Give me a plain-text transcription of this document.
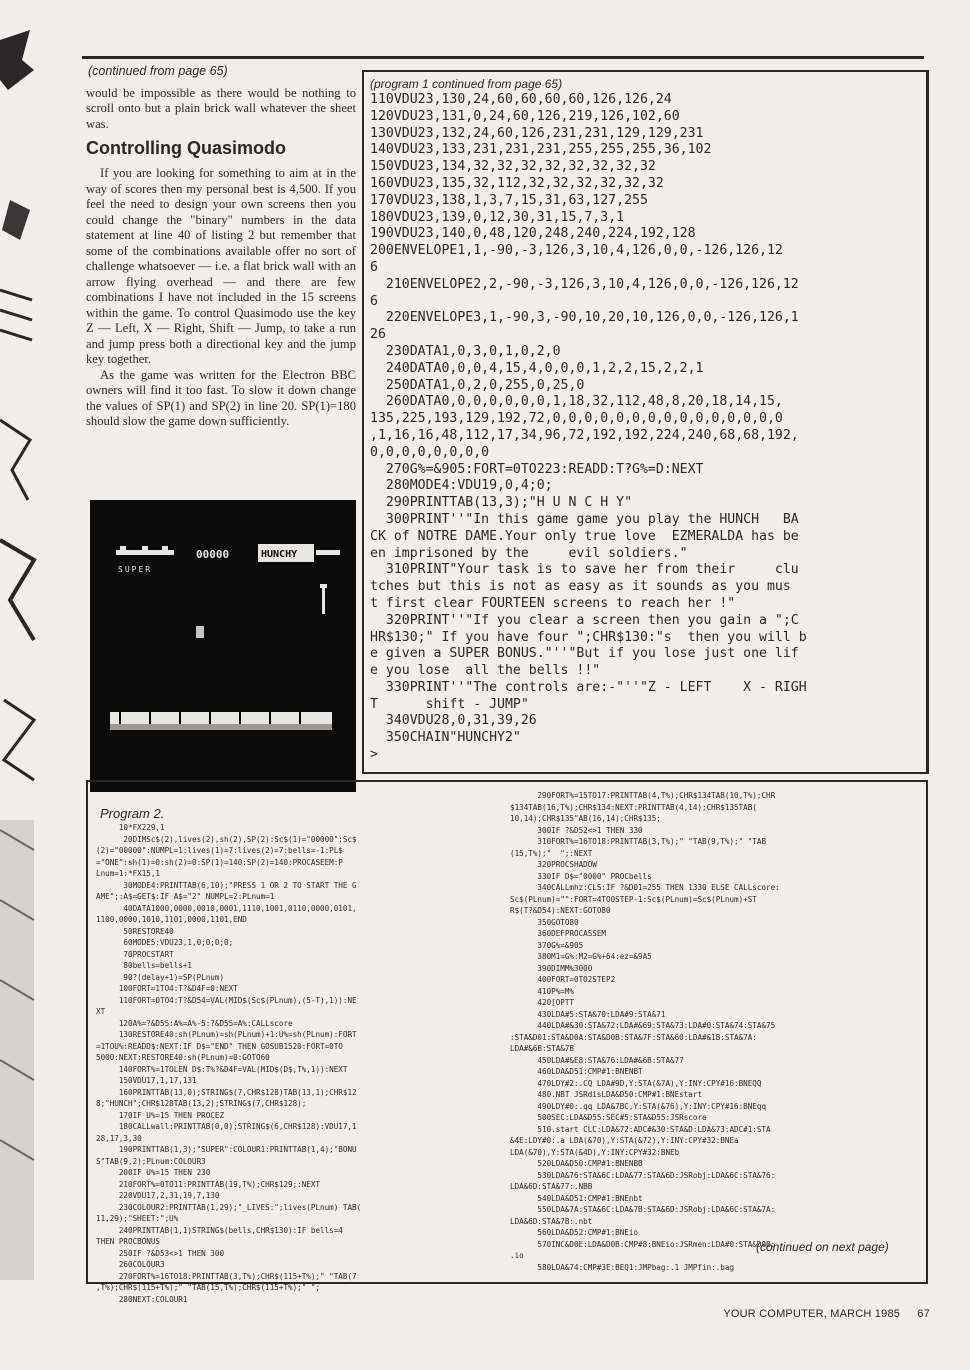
(continued from page 65)

would be impossible as there would be nothing to scroll onto but a plain brick wall whatever the sheet was.

Controlling Quasimodo

If you are looking for something to aim at in the way of scores then my personal best is 4,500. If you feel the need to design your own screens then you could change the "binary" numbers in the data statement at line 40 of listing 2 but remember that some of the combinations available offer no sort of challenge whatsoever — i.e. a flat brick wall with an arrow flying overhead — and there are few combinations I have not included in the 15 screens within the game. To control Quasimodo use the key Z — Left, X — Right, Shift — Jump, to take a run and jump press both a directional key and the jump key together.

As the game was written for the Electron BBC owners will find it too fast. To slow it down change the values of SP(1) and SP(2) in line 20. SP(1)=180 should slow the game down sufficiently.

00000	HUNCHY
SUPER
(program 1 continued from page 65)
110VDU23,130,24,60,60,60,60,126,126,24
120VDU23,131,0,24,60,126,219,126,102,60
130VDU23,132,24,60,126,231,231,129,129,231
140VDU23,133,231,231,231,255,255,255,36,102
150VDU23,134,32,32,32,32,32,32,32,32
160VDU23,135,32,112,32,32,32,32,32,32
170VDU23,138,1,3,7,15,31,63,127,255
180VDU23,139,0,12,30,31,15,7,3,1
190VDU23,140,0,48,120,248,240,224,192,128
200ENVELOPE1,1,-90,-3,126,3,10,4,126,0,0,-126,126,12
6
210ENVELOPE2,2,-90,-3,126,3,10,4,126,0,0,-126,126,12
6
220ENVELOPE3,1,-90,3,-90,10,20,10,126,0,0,-126,126,1
26
230DATA1,0,3,0,1,0,2,0
240DATA0,0,0,4,15,4,0,0,0,1,2,2,15,2,2,1
250DATA1,0,2,0,255,0,25,0
260DATA0,0,0,0,0,0,0,1,18,32,112,48,8,20,18,14,15,
135,225,193,129,192,72,0,0,0,0,0,0,0,0,0,0,0,0,0,0,0
,1,16,16,48,112,17,34,96,72,192,192,224,240,68,68,192,
0,0,0,0,0,0,0,0
270G%=&905:FORT=0TO223:READD:T?G%=D:NEXT
280MODE4:VDU19,0,4;0;
290PRINTTAB(13,3);"H U N C H Y"
300PRINT''"In this game game you play the HUNCH   BA
CK of NOTRE DAME.Your only true love  EZMERALDA has be
en imprisoned by the     evil soldiers."
310PRINT"Your task is to save her from their     clu
tches but this is not as easy as it sounds as you mus
t first clear FOURTEEN screens to reach her !"
320PRINT''"If you clear a screen then you gain a ";C
HR$130;" If you have four ";CHR$130:"s  then you will b
e given a SUPER BONUS."''"But if you lose just one lif
e you lose  all the bells !!"
330PRINT''"The controls are:-"''"Z - LEFT    X - RIGH
T      shift - JUMP"
340VDU28,0,31,39,26
350CHAIN"HUNCHY2"
>
Program 2.
10*FX229,1
20DIMSc$(2),lives(2),sh(2),SP(2):Sc$(1)="00000":Sc$
(2)="00000":NUMPL=1:lives(1)=7:lives(2)=7:bells=-1:PL$
="ONE":sh(1)=0:sh(2)=0:SP(1)=140:SP(2)=140:PROCASEEM:P
Lnum=1:*FX15,1
30MODE4:PRINTTAB(6,10);"PRESS 1 OR 2 TO START THE G
AME";:A$=GET$:IF A$="2" NUMPL=2:PLnum=1
40DATA1000,0000,0010,0001,1110,1001,0110,0000,0101,
1100,0000,1010,1101,0000,1101,END
50RESTORE40
60MODE5:VDU23,1,0;0;0;0;
70PROCSTART
80bells=bells+1
90?(delay+1)=SP(PLnum)
100FORT=1TO4:T?&D4F=0:NEXT
110FORT=0TO4:T?&D54=VAL(MID$(Sc$(PLnum),(5-T),1)):NE
XT
120A%=?&D55:A%=A%-5:?&D55=A%:CALLscore
130RESTORE40:sh(PLnum)=sh(PLnum)+1:U%=sh(PLnum):FORT
=1TOU%:READD$:NEXT:IF D$="END" THEN GOSUB1520:FORT=0TO
5000:NEXT:RESTORE40:sh(PLnum)=0:GOTO60
140FORT%=1TOLEN D$:T%?&D4F=VAL(MID$(D$,T%,1)):NEXT
150VDU17,1,17,131
160PRINTTAB(13,0);STRING$(7,CHR$128)TAB(13,1);CHR$12
8;"HUNCH";CHR$128TAB(13,2);STRING$(7,CHR$128);
170IF U%=15 THEN PROCEZ
180CALLwall:PRINTTAB(0,0);STRING$(6,CHR$128):VDU17,1
28,17,3,30
190PRINTTAB(1,3);"SUPER":COLOUR1:PRINTTAB(1,4);"BONU
S"TAB(9,2);PLnum:COLOUR3
200IF U%=15 THEN 230
210FORT%=0TO11:PRINTTAB(19,T%);CHR$129;:NEXT
220VDU17,2,31,19,7,130
230COLOUR2:PRINTTAB(1,29);"_LIVES:";lives(PLnum) TAB(
11,29);"SHEET:";U%
240PRINTTAB(1,1)STRING$(bells,CHR$130):IF bells=4
THEN PROCBONUS
250IF ?&D53<>1 THEN 300
260COLOUR3
270FORT%=16TO18:PRINTTAB(3,T%);CHR$(115+T%);" "TAB(7
,T%);CHR$(115+T%);" "TAB(15,T%);CHR$(115+T%);" ";
280NEXT:COLOUR1
290FORT%=15TO17:PRINTTAB(4,T%);CHR$134TAB(10,T%);CHR
$134TAB(16,T%);CHR$134:NEXT:PRINTTAB(4,14);CHR$135TAB(
10,14);CHR$135"AB(16,14);CHR$135;
300IF ?&D52<>1 THEN 330
310FORT%=16TO18:PRINTTAB(3,T%);" "TAB(9,T%);" "TAB
(15,T%);"  ";:NEXT
320PROCSHADOW
330IF D$="0000" PROCbells
340CALLmhz:CLS:IF ?&D01=255 THEN 1330 ELSE CALLscore:
Sc$(PLnum)="":FORT=4TO0STEP-1:Sc$(PLnum)=Sc$(PLnum)+ST
R$(T?&D54):NEXT:GOTO80
350GOTO80
360DEFPROCASSEM
370G%=&905
380M1=G%:M2=G%+64:ez=&9A5
390DIMM%3000
400FORT=0TO2STEP2
410P%=M%
420[OPTT
430LDA#5:STA&70:LDA#9:STA&71
440LDA#&30:STA&72:LDA#&69:STA&73:LDA#0:STA&74:STA&75
:STA&D01:STA&D0A:STA&D0B:STA&7F:STA&60:LDA#&1B:STA&7A:
LDA#&6B:STA&7B
450LDA#&E8:STA&76:LDA#&6B:STA&77
460LDA&D51:CMP#1:BNENBT
470LDY#2:.CQ LDA#9D,Y:STA(&7A),Y:INY:CPY#16:BNEQQ
480.NBT JSRdisLDA&D50:CMP#1:BNEstart
490LDY#0:.qq LDA&7BC,Y:STA(&76),Y:INY:CPY#16:BNEqq
500SEC:LDA&D55:SEC#5:STA&D55:JSRscore
510.start CLC:LDA&72:ADC#&30:STA&D:LDA&73:ADC#1:STA
&4E:LDY#0:.a LDA(&70),Y:STA(&72),Y:INY:CPY#32:BNEa
LDA(&70),Y:STA(&4D),Y:INY:CPY#32:BNEb
520LDA&D50:CMP#1:BNENBB
530LDA&76:STA&6C:LDA&77:STA&6D:JSRobj:LDA&6C:STA&76:
LDA&6D:STA&77:.NBB
540LDA&D51:CMP#1:BNEnbt
550LDA&7A:STA&6C:LDA&7B:STA&6D:JSRobj:LDA&6C:STA&7A:
LDA&6D:STA&7B:.nbt
560LDA&D52:CMP#1:BNEio
570INC&D0E:LDA&D0B:CMP#8:BNEio:JSRmen:LDA#0:STA&D0B:
.io
580LDA&74:CMP#3E:BEQ1:JMPbag:.1 JMPfin:.bag
(continued on next page)
YOUR COMPUTER, MARCH 1985 67
